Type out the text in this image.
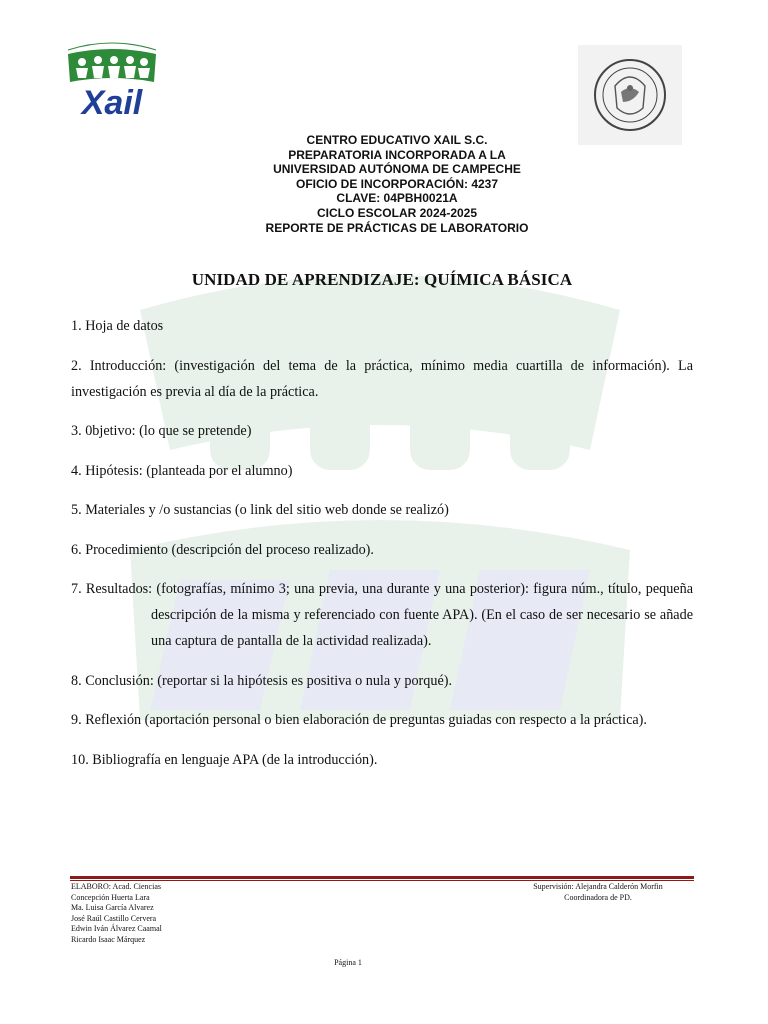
Xail
CENTRO EDUCATIVO XAIL S.C.
PREPARATORIA INCORPORADA A LA
UNIVERSIDAD AUTÓNOMA DE CAMPECHE
OFICIO DE INCORPORACIÓN: 4237
CLAVE: 04PBH0021A
CICLO ESCOLAR 2024-2025
REPORTE DE PRÁCTICAS DE LABORATORIO
UNIDAD DE APRENDIZAJE: QUÍMICA BÁSICA
1. Hoja de datos
2. Introducción: (investigación del tema de la práctica, mínimo media cuartilla de información). La investigación es previa al día de la práctica.
3. 0bjetivo: (lo que se pretende)
4. Hipótesis: (planteada por el alumno)
5. Materiales y /o sustancias (o link del sitio web donde se realizó)
6. Procedimiento (descripción del proceso realizado).
7. Resultados: (fotografías, mínimo 3; una previa, una durante y una posterior): figura núm., título, pequeña descripción de la misma y referenciado con fuente APA). (En el caso de ser necesario se añade una captura de pantalla de la actividad realizada).
8. Conclusión: (reportar si la hipótesis es positiva o nula y porqué).
9. Reflexión (aportación personal o bien elaboración de preguntas guiadas con respecto a la práctica).
10. Bibliografía en lenguaje APA (de la introducción).
ELABORO: Acad. Ciencias
Concepción Huerta Lara
Ma. Luisa García Alvarez
José Raúl Castillo Cervera
Edwin Iván Álvarez Caamal
Ricardo Isaac Márquez
Supervisión: Alejandra Calderón Morfin
Coordinadora de PD.
Página 1
